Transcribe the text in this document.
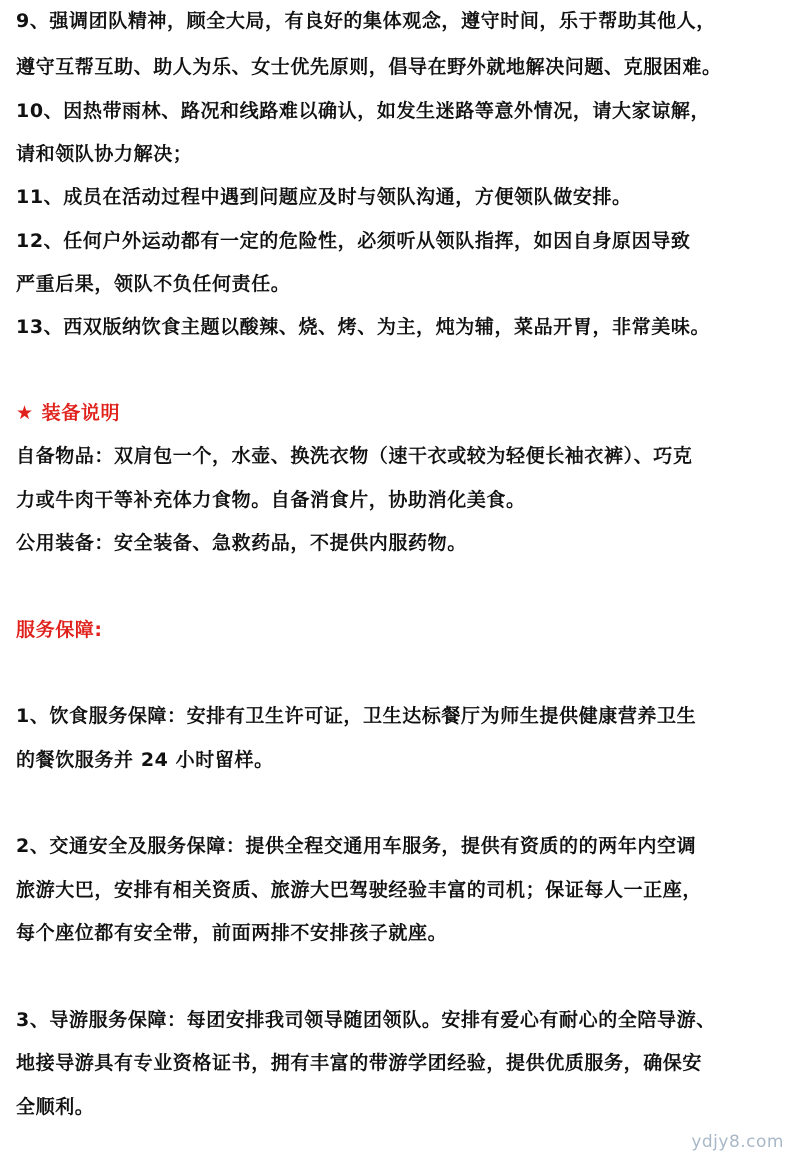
9、强调团队精神，顾全大局，有良好的集体观念，遵守时间，乐于帮助其他人，
遵守互帮互助、助人为乐、女士优先原则，倡导在野外就地解决问题、克服困难。
10、因热带雨林、路况和线路难以确认，如发生迷路等意外情况，请大家谅解，
请和领队协力解决；
11、成员在活动过程中遇到问题应及时与领队沟通，方便领队做安排。
12、任何户外运动都有一定的危险性，必须听从领队指挥，如因自身原因导致
严重后果，领队不负任何责任。
13、西双版纳饮食主题以酸辣、烧、烤、为主，炖为辅，菜品开胃，非常美味。
★ 装备说明
自备物品：双肩包一个，水壶、换洗衣物（速干衣或较为轻便长袖衣裤）、巧克
力或牛肉干等补充体力食物。自备消食片，协助消化美食。
公用装备：安全装备、急救药品，不提供内服药物。
服务保障:
1、饮食服务保障：安排有卫生许可证，卫生达标餐厅为师生提供健康营养卫生
的餐饮服务并 24 小时留样。
2、交通安全及服务保障：提供全程交通用车服务，提供有资质的的两年内空调
旅游大巴，安排有相关资质、旅游大巴驾驶经验丰富的司机；保证每人一正座，
每个座位都有安全带，前面两排不安排孩子就座。
3、导游服务保障：每团安排我司领导随团领队。安排有爱心有耐心的全陪导游、
地接导游具有专业资格证书，拥有丰富的带游学团经验，提供优质服务，确保安
全顺利。
ydjy8.com
